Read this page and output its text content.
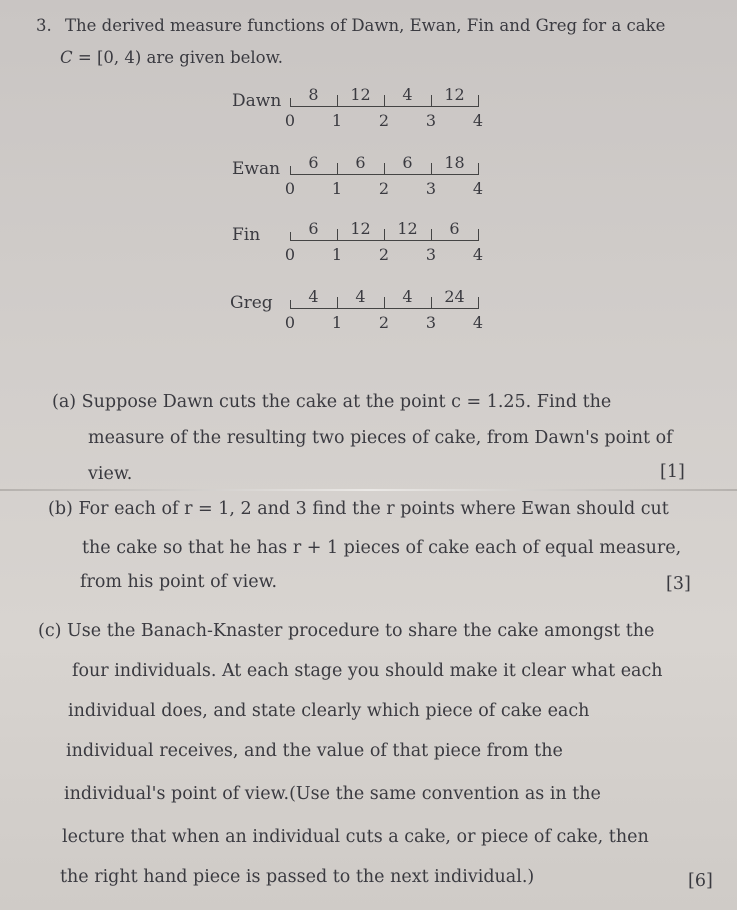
3. The derived measure functions of Dawn, Ewan, Fin and Greg for a cake
C = [0, 4) are given below.
Dawn	8	12	4	12
0	1	2	3	4
Ewan	6	6	6	18
0	1	2	3	4
Fin	6	12	12	6
0	1	2	3	4
Greg	4	4	4	24
0	1	2	3	4
(a) Suppose Dawn cuts the cake at the point c = 1.25. Find the
measure of the resulting two pieces of cake, from Dawn's point of
view.	[1]
(b) For each of r = 1, 2 and 3 find the r points where Ewan should cut
the cake so that he has r + 1 pieces of cake each of equal measure,
from his point of view.	[3]
(c) Use the Banach-Knaster procedure to share the cake amongst the
four individuals. At each stage you should make it clear what each
individual does, and state clearly which piece of cake each
individual receives, and the value of that piece from the
individual's point of view.(Use the same convention as in the
lecture that when an individual cuts a cake, or piece of cake, then
the right hand piece is passed to the next individual.)	[6]
